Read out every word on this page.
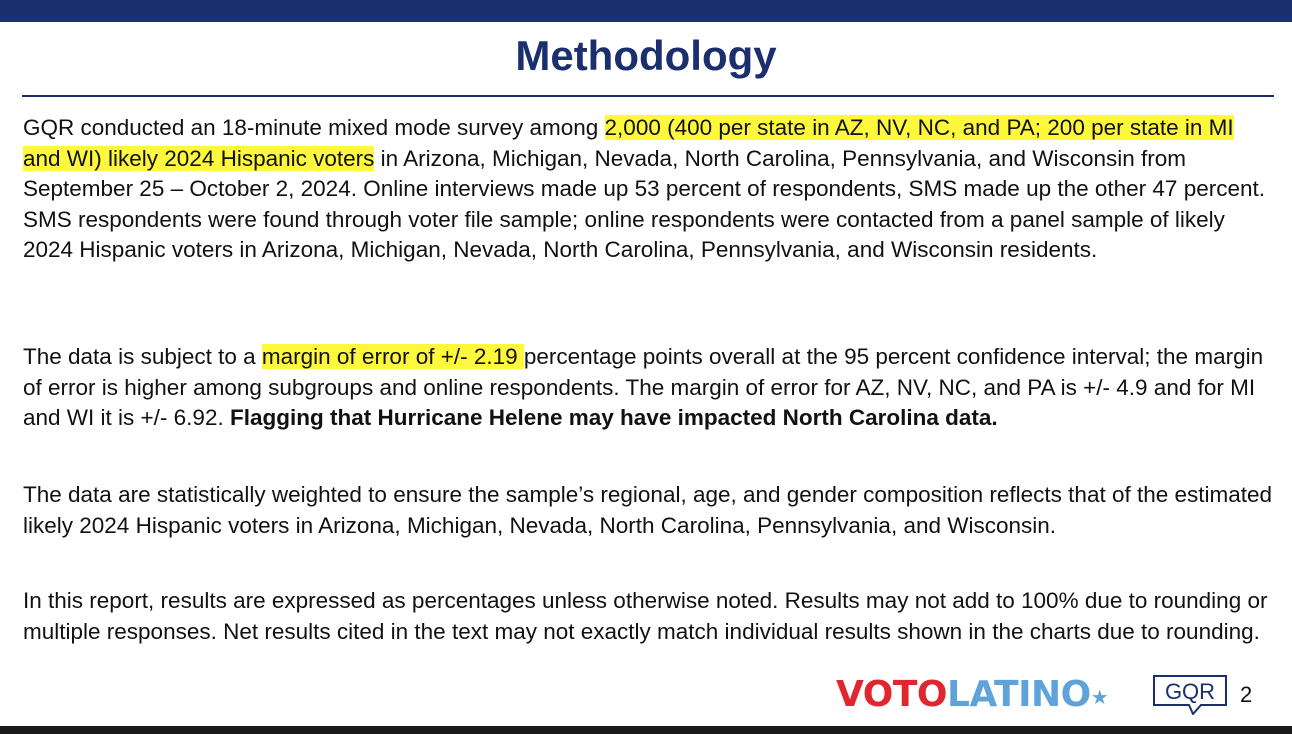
Methodology

GQR conducted an 18-minute mixed mode survey among 2,000 (400 per state in AZ, NV, NC, and PA; 200 per state in MI and WI) likely 2024 Hispanic voters in Arizona, Michigan, Nevada, North Carolina, Pennsylvania, and Wisconsin from September 25 – October 2, 2024. Online interviews made up 53 percent of respondents, SMS made up the other 47 percent. SMS respondents were found through voter file sample; online respondents were contacted from a panel sample of likely 2024 Hispanic voters in Arizona, Michigan, Nevada, North Carolina, Pennsylvania, and Wisconsin residents.

The data is subject to a margin of error of +/- 2.19 percentage points overall at the 95 percent confidence interval; the margin of error is higher among subgroups and online respondents. The margin of error for AZ, NV, NC, and PA is +/- 4.9 and for MI and WI it is +/- 6.92. Flagging that Hurricane Helene may have impacted North Carolina data.

The data are statistically weighted to ensure the sample’s regional, age, and gender composition reflects that of the estimated likely 2024 Hispanic voters in Arizona, Michigan, Nevada, North Carolina, Pennsylvania, and Wisconsin.

In this report, results are expressed as percentages unless otherwise noted. Results may not add to 100% due to rounding or multiple responses. Net results cited in the text may not exactly match individual results shown in the charts due to rounding.

VOTOLATINO★	GQR 2
